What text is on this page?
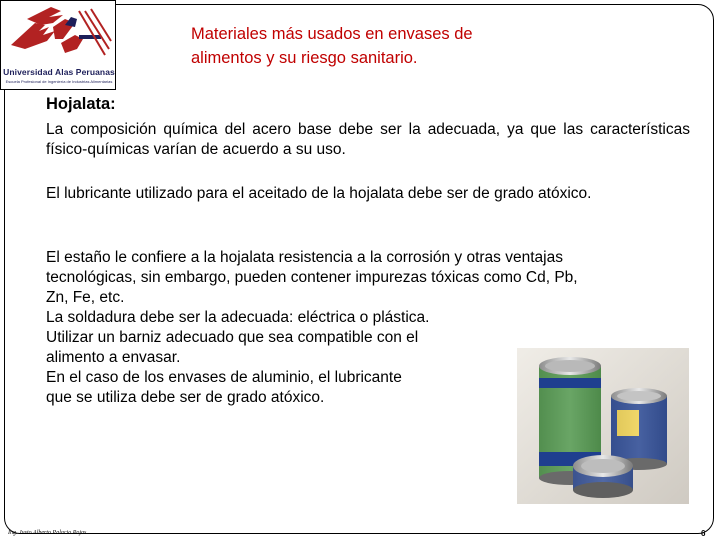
Universidad Alas Peruanas
Escuela Profesional de Ingeniería de Industrias Alimentarias
Materiales más usados en envases de
alimentos y su riesgo sanitario.
Hojalata:
La composición química del acero base debe ser la adecuada, ya que las características físico-químicas varían de acuerdo a su uso.
El lubricante utilizado para el aceitado de la hojalata debe ser de grado atóxico.
El estaño le confiere a la hojalata resistencia a la corrosión y otras ventajas
tecnológicas, sin embargo, pueden contener impurezas tóxicas como Cd, Pb,
Zn, Fe, etc.
La soldadura debe ser la adecuada: eléctrica o plástica.
Utilizar un barniz adecuado que sea compatible con el
alimento a envasar.
En el caso de los envases de aluminio, el lubricante
que se utiliza debe ser de grado atóxico.
Ing. Justo Alberto Palacio Rojas	6
